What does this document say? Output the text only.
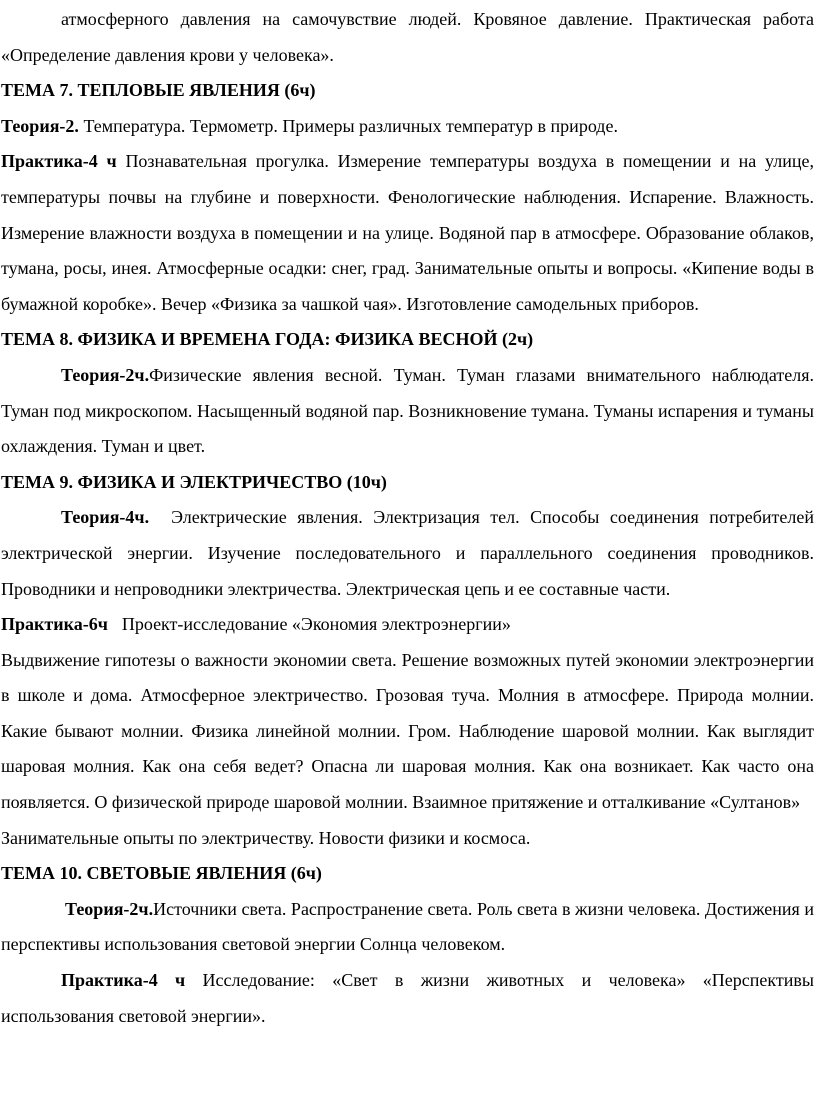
атмосферного давления на самочувствие людей. Кровяное давление. Практическая работа «Определение давления крови у человека».

ТЕМА 7. ТЕПЛОВЫЕ ЯВЛЕНИЯ (6ч)

Теория-2. Температура. Термометр. Примеры различных температур в природе.

Практика-4 ч Познавательная прогулка. Измерение температуры воздуха в помещении и на улице, температуры почвы на глубине и поверхности. Фенологические наблюдения. Испарение. Влажность. Измерение влажности воздуха в помещении и на улице. Водяной пар в атмосфере. Образование облаков, тумана, росы, инея. Атмосферные осадки: снег, град. Занимательные опыты и вопросы. «Кипение воды в бумажной коробке». Вечер «Физика за чашкой чая». Изготовление самодельных приборов.

ТЕМА 8. ФИЗИКА И ВРЕМЕНА ГОДА: ФИЗИКА ВЕСНОЙ (2ч)

Теория-2ч.Физические явления весной. Туман. Туман глазами внимательного наблюдателя. Туман под микроскопом. Насыщенный водяной пар. Возникновение тумана. Туманы испарения и туманы охлаждения. Туман и цвет.

ТЕМА 9. ФИЗИКА И ЭЛЕКТРИЧЕСТВО (10ч)

Теория-4ч. Электрические явления. Электризация тел. Способы соединения потребителей электрической энергии. Изучение последовательного и параллельного соединения проводников. Проводники и непроводники электричества. Электрическая цепь и ее составные части.

Практика-6ч Проект-исследование «Экономия электроэнергии»

Выдвижение гипотезы о важности экономии света. Решение возможных путей экономии электроэнергии в школе и дома. Атмосферное электричество. Грозовая туча. Молния в атмосфере. Природа молнии. Какие бывают молнии. Физика линейной молнии. Гром. Наблюдение шаровой молнии. Как выглядит шаровая молния. Как она себя ведет? Опасна ли шаровая молния. Как она возникает. Как часто она появляется. О физической природе шаровой молнии. Взаимное притяжение и отталкивание «Султанов»

Занимательные опыты по электричеству. Новости физики и космоса.

ТЕМА 10. СВЕТОВЫЕ ЯВЛЕНИЯ (6ч)

Теория-2ч.Источники света. Распространение света. Роль света в жизни человека. Достижения и перспективы использования световой энергии Солнца человеком.

Практика-4 ч Исследование: «Свет в жизни животных и человека» «Перспективы использования световой энергии».
